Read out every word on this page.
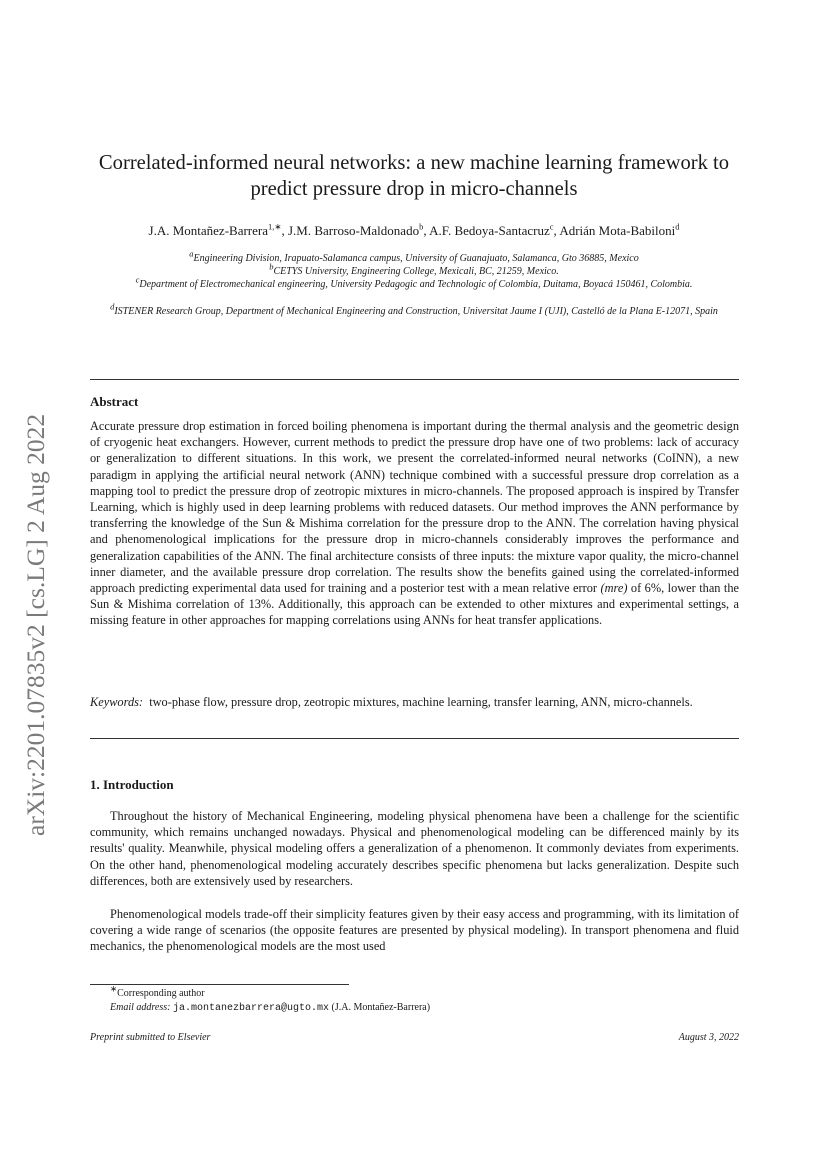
arXiv:2201.07835v2 [cs.LG] 2 Aug 2022
Correlated-informed neural networks: a new machine learning framework to
predict pressure drop in micro-channels
J.A. Montañez-Barrera$^{1,∗}$, J.M. Barroso-Maldonado$^b$, A.F. Bedoya-Santacruz$^c$, Adrián Mota-Babiloni$^d$
$^a$Engineering Division, Irapuato-Salamanca campus, University of Guanajuato, Salamanca, Gto 36885, Mexico
$^b$CETYS University, Engineering College, Mexicali, BC, 21259, Mexico.
$^c$Department of Electromechanical engineering, University Pedagogic and Technologic of Colombia, Duitama, Boyacá 150461, Colombia.
$^d$ISTENER Research Group, Department of Mechanical Engineering and Construction, Universitat Jaume I (UJI), Castelló de la Plana E-12071, Spain
Abstract

Accurate pressure drop estimation in forced boiling phenomena is important during the thermal analysis and the geometric design of cryogenic heat exchangers. However, current methods to predict the pressure drop have one of two problems: lack of accuracy or generalization to different situations. In this work, we present the correlated-informed neural networks (CoINN), a new paradigm in applying the artificial neural network (ANN) technique combined with a successful pressure drop correlation as a mapping tool to predict the pressure drop of zeotropic mixtures in micro-channels. The proposed approach is inspired by Transfer Learning, which is highly used in deep learning problems with reduced datasets. Our method improves the ANN performance by transferring the knowledge of the Sun & Mishima correlation for the pressure drop to the ANN. The correlation having physical and phenomenological implications for the pressure drop in micro-channels considerably improves the performance and generalization capabilities of the ANN. The final architecture consists of three inputs: the mixture vapor quality, the micro-channel inner diameter, and the available pressure drop correlation. The results show the benefits gained using the correlated-informed approach predicting experimental data used for training and a posterior test with a mean relative error (mre) of 6%, lower than the Sun & Mishima correlation of 13%. Additionally, this approach can be extended to other mixtures and experimental settings, a missing feature in other approaches for mapping correlations using ANNs for heat transfer applications.

Keywords: two-phase flow, pressure drop, zeotropic mixtures, machine learning, transfer learning, ANN, micro-channels.

1. Introduction

Throughout the history of Mechanical Engineering, modeling physical phenomena have been a challenge for the scientific community, which remains unchanged nowadays. Physical and phenomenological modeling can be differenced mainly by its results' quality. Meanwhile, physical modeling offers a generalization of a phenomenon. It commonly deviates from experiments. On the other hand, phenomenological modeling accurately describes specific phenomena but lacks generalization. Despite such differences, both are extensively used by researchers.

Phenomenological models trade-off their simplicity features given by their easy access and programming, with its limitation of covering a wide range of scenarios (the opposite features are presented by physical modeling). In transport phenomena and fluid mechanics, the phenomenological models are the most used

∗Corresponding author
Email address: ja.montanezbarrera@ugto.mx (J.A. Montañez-Barrera)
Preprint submitted to Elsevier	August 3, 2022
